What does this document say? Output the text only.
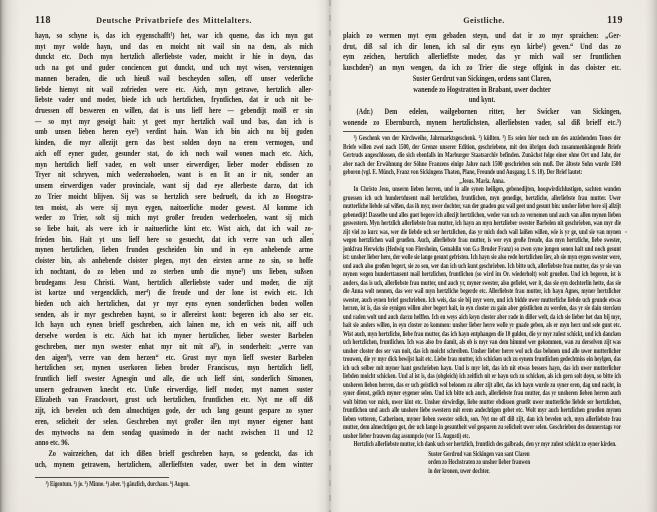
118	Deutsche Privatbriefe des Mittelalters.
hayn, so schyne is, das ich eygenschafft¹) het, war ich queme, das ich myn gut
myt myr wolde hayn, und das en moicht nit wail sin na dem, als mich
dunckt etc. Doch myn hertzlich allerliebste vader, moicht ir hie in doyn, das
uch na got und guder conciencen gut dunckt, und uch myt wisen, verstennigen
mannen beraden, die uch hieuß wail bescheyden sollen, off unser vederliche
liebde hiemyt nit wail zofrieden were etc. Aich, myn getrawe, hertzlich aller-
liebste vader und moder, biede ich uch hertzlichen, fryntlichen, dat ir uch nit be-
druessen off besweren en willen, dat is uns lieff here — gebendijt moiß er sin
— so myt myr gesoigt hait: yt geet myr hertzlich wail und bas, dan ich is
umb unsen lieben heren eye²) verdint hain. Wan ich bin aich nu bij guden
kinden, die myr allezijt gern das best solden doyn na erem vermogen, und
aich off eyner guder, gesunder stat, do ich noch wail wonen mach etc. Aich,
myn hertzlich lieff vader, en wolt unser eirwerdiger, lieber moder ebdissen zo
Tryer nit schryven, mich wederzohoelen, want is en lit an ir nit, sonder an
unsem eirwerdigen vader provinciale, want sij dad eye allerbeste darzo, dat ich
zo Trier moicht blijven. Sij was so hertzlich sere bedrueft, da ich zo Hoogstra-
ten moist, als were sij myn eygen, naitoerliche moder gewest. Al komme ich
weder zo Trier, solt sij mich myt großer freuden wederhoelen, want sij mich
so liebe hait, als were ich ir naituerliche kint etc. Wist aich, dat ich wail zo-
frieden bin. Hait yt uns lieff here so gesuecht, dat ich verre van uch allen
mynen hertzlichen, lieben frunden gescheiden bin und in eyn anhebende arme
cloister bin, als anhebende cloister plegen, myt den eirsten arme zo sin, so hoffe
ich nochtant, do zo leben und zo sterben umb die myne³) uns lieben, sußsen
brudegams Jesu Christi. Want, hertzlich allerliebste vader und moder, die zijt
ist kortze und vergencklich, mer⁴) die freude und der lone ist ewich etc. Ich
bieden uch aich hertzlichen, dat yr myr eyns eynen sonderlichen boden wollen
senden, als ir myr geschreben haynt, so ir allereirst kont: begeren ich also ser etc.
Ich hayn uch eynen brieff geschreben, aich lainen me, ich en weis nit, aiff uch
derselve worden is etc. Aich hat ich myner hertzlicher, lieber swester Barbelen
geschreben, mer myn swester enhat myr nit mit al⁵), in sonderheit: „verre van
den aigen⁶), verre van dem herzen“ etc. Grust myr myn lieff swester Barbelen
hertzlichen ser, mynen userkoren lieben broder Franciscus, myn hertzlich lieff,
fruntlich lieff swester Agnesgin und alle, die uch lieff sint, sonderlich Simonen,
unsern gedrauwen knecht etc. Unße eirwerdige, lieff moder, myt namen suster
Elizabeth van Franckvort, grust uch hertzlichen, fruntlichen etc. Nyt me off diß
zijt, ich bevelen uch dem almochtigen gode, der uch lang gesunt gespare zo syner
eren, selicheit der selen. Geschreben myt großer ilen myt myner eigener hant
des mytwochs na dem sondag quasimodo in der nacht zwischen 11 und 12
anno etc. 96.
Zo wairzeichen, dat ich dißen brieff geschreben hayn, so gedenckt, das ich
uch, mynem getrawem, hertzlichem, allerlieffsten vader, uwer bet in dem wintter
¹) Eigentum. ²) je. ³) Minne. ⁴) aber. ⁵) gänzlich, durchaus. ⁶) Augen.
Geistliche.	119
plaich zo wermen myt eym gebaden steyn, und dat ir zo myr spraichen: „Ger-
drut, diß sal ich dir lonen, ich sal dir eyns eyn kirbe¹) geven.“ Und das zo
eym zeichen, hertzlich allerlieffste moder, das yr mich wail ser fruntlichen
kuschden²) an myn wengen, da ich zo Trier die stege offgink in das cloister etc.
Suster Gerdrut van Sickingen, ordens sant Claren,
wanende zo Hogstratten in Brabant, uwer dochter
und kynt.
(Adr.) Dem edelen, wailgebornen ritter, her Swicker van Sickingen,
wonende zo Ebernburch, mynem hertzlichsten, allerliebsten vader, sal diß brieff etc.³)
¹) Geschenk von der Kirchweihe, Jahrmarktsgeschenk. ²) küßten. ³) Es seien hier noch um des anziehenden Tones der Briefe willen zwei nach 1500, der Grenze unserer Edition, geschriebene, mit den übrigen doch zusammenhängende Briefe Gertruds angeschlossen, die sich ebenfalls im Marburger Staatsarchiv befinden. Zunächst folge einer ohne Ort und Jahr, der aber nach der Erwähnung der Söhne Franzens einige Jahre nach 1500 geschrieben sein muß. Der älteste Sohn wurde 1500 geboren (vgl. E. Münch, Franz von Sickingens Thaten, Plane, Freunde und Ausgang, I. S. 10). Der Brief lautet:
„Jesus. Maria. Anna.
In Christo Jesu, unserm lieben herren, und in alle synen heiligen, gebenedijten, hoogwirdichlustigen, sachten wunden gruessen ich uch hundertdusent mail hertzlichen, fruntlichen, myn genedige, hertzliche, allerliebste frau mutter. Uwer mutterliche liebde sal wißen, das ih myr, uwer dochter, van der gnaden goz wail geet und gesunt bin: unsher lieber here sij allzijt gebenedijt! Dasselbe und alles guet begere ich allezijt hertzlichen, weder van uch zo vernemen und auch van allen mynen lieben geswestern. Myn hertzlich allerliebste frau mutter, ich hayn an myn hertzlieber swester Barbelen nit geschrieben, wan myr die zijt viel zo kurz was, wer die liebde uch ser hertzlichen, das yr mich doch wail laißen wißen, wie is yr ge, und sie van mynen wegen hertzlichen wail grueßen. Auch, allerliebste frau mutter, is wer eyn große freude, das myn hertzliche, liebe swester, jonkfrau Herwichs (Hedwig von Flersheim, Gemahlin von G.s Bruder Franz) so zwen syne jungen sonen halt und noch gesunt ist: unsher lieber here, der wolle sie lange gesunt gefristen. Ich hayn sie also rede hertzlichen liev, ab sie myn eygen swester were, und auch also großen begert, sie zo sen, wer dan ich uch kunt geschrieben. Ich bitte uch, allerliebste frau mutter, das yr sie van mynen wegen hunderttausent mail hertzlichen, fruntlichen (so wird im Or. wiederholt) wolt grueßen. Und ich begeren, ist is anders, das is uch, allerliebste frau mutter, und auch yr, myner swester, also gefielet, wer it, das sie eyn dochterlin hette, das sie die Anna wolt nennen, das wer wail myn hertzliche begerde etc. Allerliebste frau mutter, ich hayn Agnes, myner hertzlicher swester, auch eynen brief geschrieben. Ich weis, das sie bij myr were, und ich bidde uwer mutterliche liebde uch grunde etwas herzen, ist is, das sie eynigen willen aber begert hait, in eyn closter zu gain aber geistlichen zu werden, das yr sie dain stercken und raden wolt und auch darzu helffen. Ich en weys aich keyn closter aber rade in dißer welt, da ich sie lieber het dan bij myr, hait sie anders willen, in eyn closter zo kommen: unsher lieber herre wolle yr gnade geben, als er myn herz und sele gunt etc. Wist auch, myn hertzliche, liebe frau mutter, das ich hayn entphangen die 10 gulden, die yr myr zulest schickt, und ich dancken uch hertzlichen, fruntlichen. Ich was also fro damit, als ob is myr van dem himmel wer gekommen, wan zu derselven zijt was unsher closter des ser van noit, das ich moicht schreiben. Unsher lieber herre wol uch das belonen und alle uwer mutterlicher trouwen, die yr myr dick bewijst hait etc. Liebe frau mutter, ich schicken uch zu eynem fruntlichen gedechtniss ein heylgen, das ich uch selber mit myner hant geschrieben hayn. Und is myr leit, das ich nit etwas bessers hayn, das ich uwer mutterlicher liebden moicht schicken. Und al ist is, das (obgleich) ich zeitlich nit er hayn uch zu schicken, als ich gern solt doyn, so bitte ich unsheren lieben herren, das er uch geistlich wol belonen zu aller zijt allet, das ich hayn wurde zu syner eren, dag und nacht, in syner dienst, gelich myner eygener selen. Und ich bitte uch auch, allerliebste frau mutter, das yr unsheren lieben herren auch wolt bitten vor mich, uwer kint etc. Unsher eirwirdige, liebe mutter ebdissen grueßt uwer mutterliche liebde ser hertzlichen, fruntlichen und auch alle unshere liebe swestern mit erem andechtigen gebet etc. Wolt myr auch hertzlichen grueßen mynen lieben vetteren, Catherinen, myner lieben swester selich, son. Nyt me off diß zijt, dan ich bevelen uch, myn allerliebste frau mutter, dem almechtigen got, der uch lange in gesuntheit wol gesparen zu selicheit uwer selen. Geschrieben des donnerstags vor unsher lieber frauwen dag assumpcio (vor 15. Augusti) etc.
Hertzlich allerliebste mutter, ich dank uch ser hertzlich, fruntlich des galbrads, den yr myr zulest schickt zo eyner kirden.
Suster Gerdrud van Sickingen van sant Claren
orden zo Hochstraten zo unsher lieber frauwen
in der kronen, uwer dochter.
